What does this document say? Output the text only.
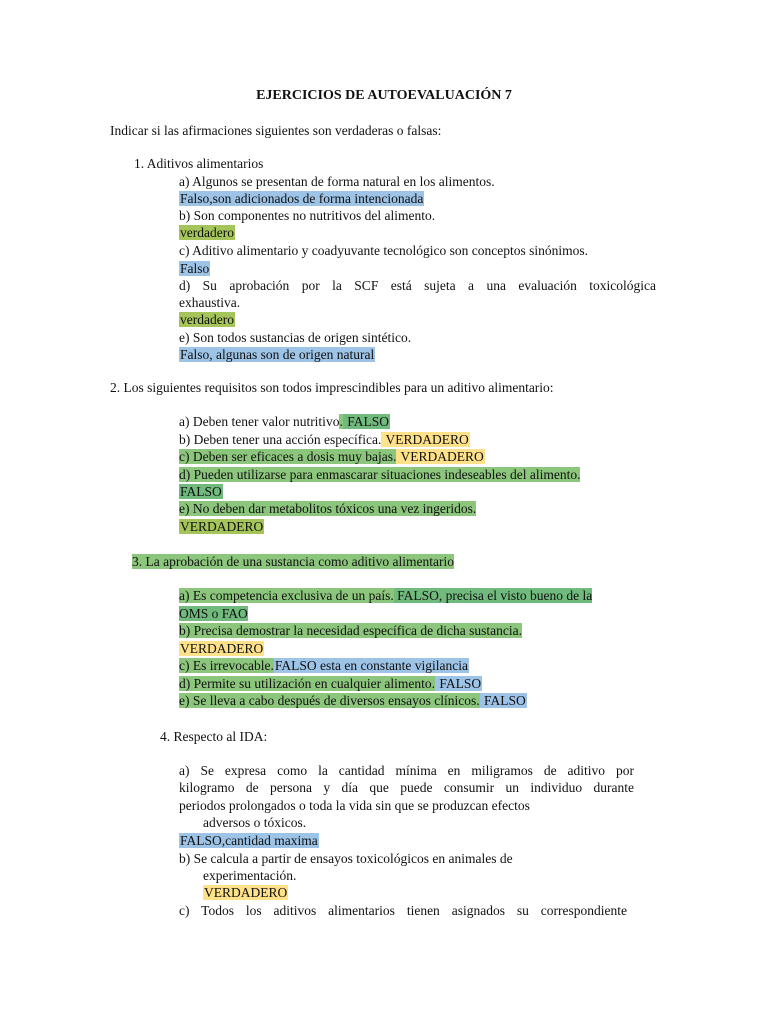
EJERCICIOS DE AUTOEVALUACIÓN 7
Indicar si las afirmaciones siguientes son verdaderas o falsas:
1. Aditivos alimentarios
a) Algunos se presentan de forma natural en los alimentos.
Falso,son adicionados de forma intencionada
b) Son componentes no nutritivos del alimento.
verdadero
c) Aditivo alimentario y coadyuvante tecnológico son conceptos sinónimos.
Falso
d) Su aprobación por la SCF está sujeta a una evaluación toxicológica
exhaustiva.
verdadero
e) Son todos sustancias de origen sintético.
Falso, algunas son de origen natural
2. Los siguientes requisitos son todos imprescindibles para un aditivo alimentario:
a) Deben tener valor nutritivo. FALSO
b) Deben tener una acción específica. VERDADERO
c) Deben ser eficaces a dosis muy bajas. VERDADERO
d) Pueden utilizarse para enmascarar situaciones indeseables del alimento.
FALSO
e) No deben dar metabolitos tóxicos una vez ingeridos.
VERDADERO
3. La aprobación de una sustancia como aditivo alimentario
a) Es competencia exclusiva de un país. FALSO, precisa el visto bueno de la
OMS o FAO
b) Precisa demostrar la necesidad específica de dicha sustancia.
VERDADERO
c) Es irrevocable.FALSO esta en constante vigilancia
d) Permite su utilización en cualquier alimento. FALSO
e) Se lleva a cabo después de diversos ensayos clínicos. FALSO
4. Respecto al IDA:
a) Se expresa como la cantidad mínima en miligramos de aditivo por
kilogramo de persona y día que puede consumir un individuo durante
periodos prolongados o toda la vida sin que se produzcan efectos
adversos o tóxicos.
FALSO,cantidad maxima
b) Se calcula a partir de ensayos toxicológicos en animales de
experimentación.
VERDADERO
c) Todos los aditivos alimentarios tienen asignados su correspondiente
